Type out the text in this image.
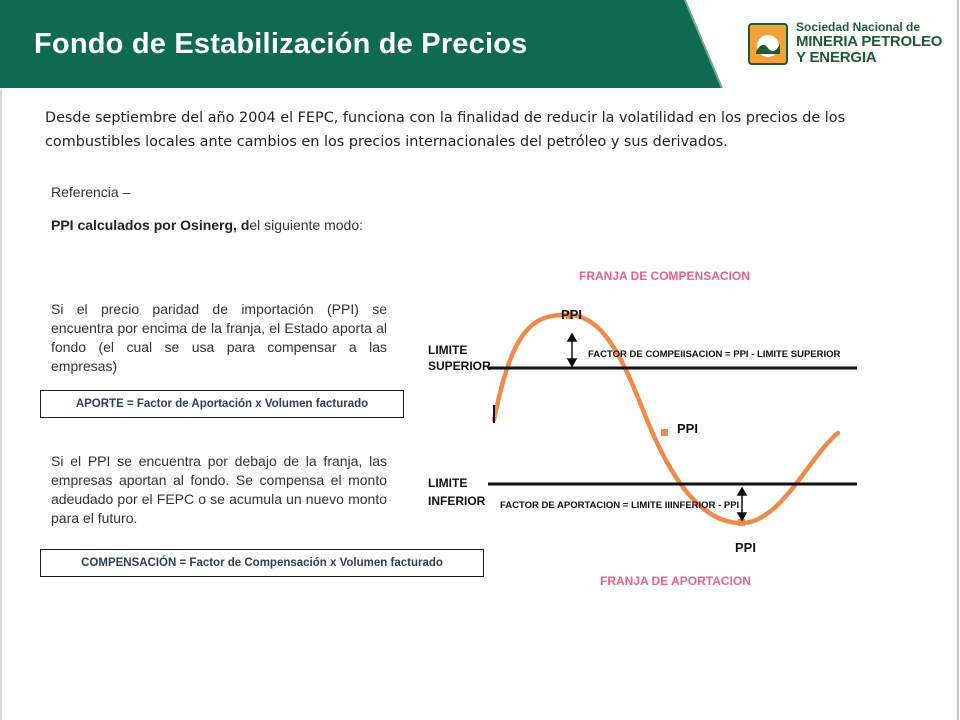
Fondo de Estabilización de Precios
Sociedad Nacional de
MINERIA PETROLEO
Y ENERGIA
Desde septiembre del año 2004 el FEPC, funciona con la finalidad de reducir la volatilidad en los precios de los combustibles locales ante cambios en los precios internacionales del petróleo y sus derivados.
Referencia –
PPI calculados por Osinerg, del siguiente modo:
Si el precio paridad de importación (PPI) se encuentra por encima de la franja, el Estado aporta al fondo (el cual se usa para compensar a las empresas)
APORTE = Factor de Aportación x Volumen facturado
Si el PPI se encuentra por debajo de la franja, las empresas aportan al fondo. Se compensa el monto adeudado por el FEPC o se acumula un nuevo monto para el futuro.
COMPENSACIÓN = Factor de Compensación x Volumen facturado
FRANJA DE COMPENSACION
LIMITE
SUPERIOR
LIMITE
INFERIOR
PPI
PPI
PPI
FACTOR DE COMPEIISACION = PPI - LIMITE SUPERIOR
FACTOR DE APORTACION = LIMITE IIINFERIOR - PPI
FRANJA DE APORTACION
